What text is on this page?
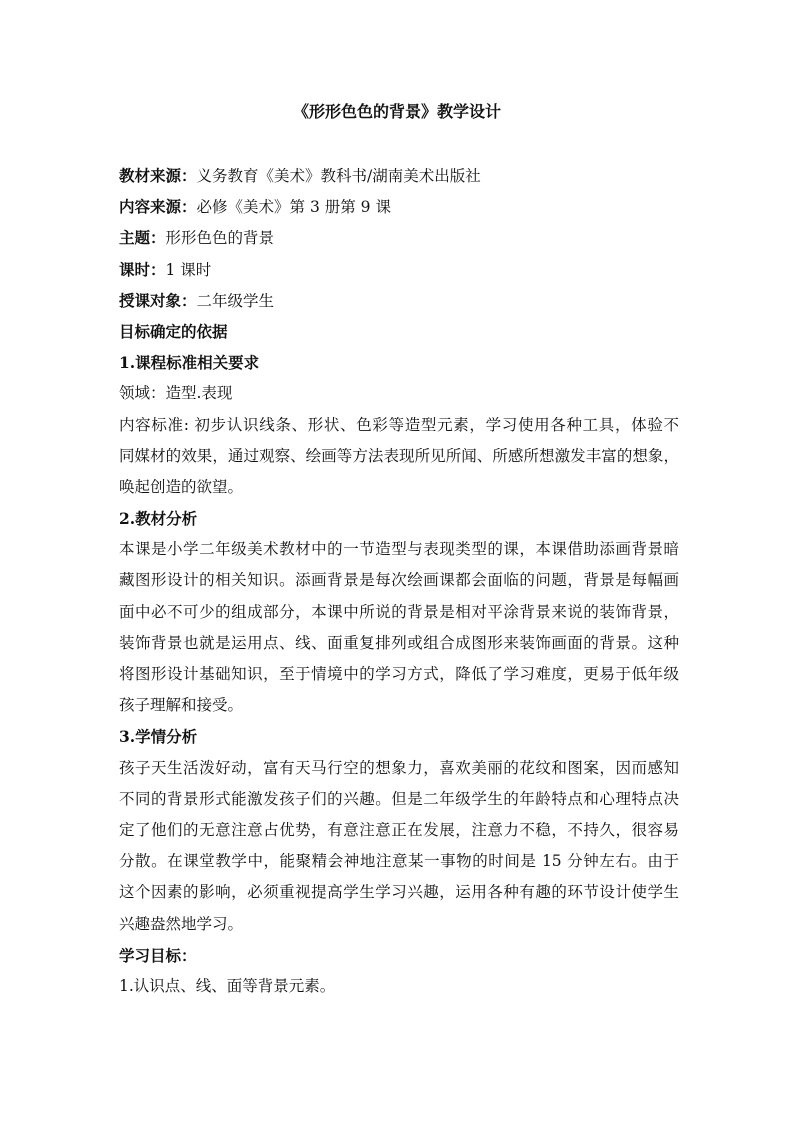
《形形色色的背景》教学设计
教材来源：义务教育《美术》教科书/湖南美术出版社
内容来源：必修《美术》第 3 册第 9 课
主题：形形色色的背景
课时：1 课时
授课对象：二年级学生
目标确定的依据
1.课程标准相关要求
领域：造型.表现
内容标准: 初步认识线条、形状、色彩等造型元素，学习使用各种工具，体验不
同媒材的效果，通过观察、绘画等方法表现所见所闻、所感所想激发丰富的想象，
唤起创造的欲望。
2.教材分析
本课是小学二年级美术教材中的一节造型与表现类型的课，本课借助添画背景暗
藏图形设计的相关知识。添画背景是每次绘画课都会面临的问题，背景是每幅画
面中必不可少的组成部分，本课中所说的背景是相对平涂背景来说的装饰背景，
装饰背景也就是运用点、线、面重复排列或组合成图形来装饰画面的背景。这种
将图形设计基础知识，至于情境中的学习方式，降低了学习难度，更易于低年级
孩子理解和接受。
3.学情分析
孩子天生活泼好动，富有天马行空的想象力，喜欢美丽的花纹和图案，因而感知
不同的背景形式能激发孩子们的兴趣。但是二年级学生的年龄特点和心理特点决
定了他们的无意注意占优势，有意注意正在发展，注意力不稳，不持久，很容易
分散。在课堂教学中，能聚精会神地注意某一事物的时间是 15 分钟左右。由于
这个因素的影响，必须重视提高学生学习兴趣，运用各种有趣的环节设计使学生
兴趣盎然地学习。
学习目标：
1.认识点、线、面等背景元素。
